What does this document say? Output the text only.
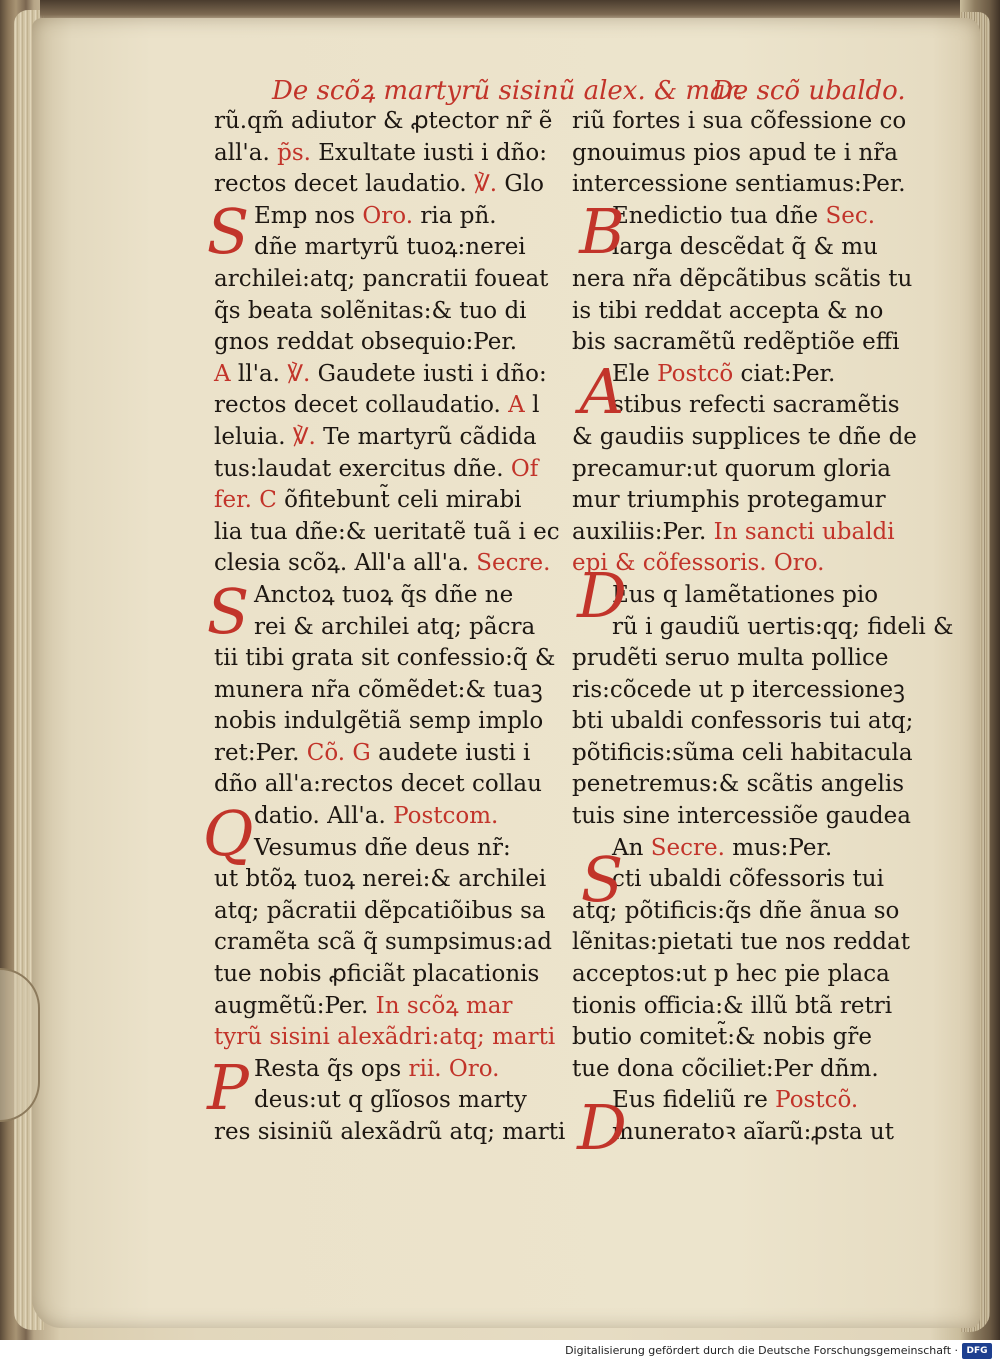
De scõꝝ martyrũ sisinũ alex. & mar.
De scõ ubaldo.
rũ.qm̃ adiutor & ꝓtector nr̃ ẽ
all'a. p̃s. Exultate iusti i dño:
rectos decet laudatio. ℣. Glo
Emp nos Oro. ria pñ.
dñe martyrũ tuoꝝ:nerei
archilei:atq; pancratii foueat
q̃s beata solẽnitas:& tuo di
gnos reddat obsequio:Per.
A ll'a. ℣. Gaudete iusti i dño:
rectos decet collaudatio. A l
leluia. ℣. Te martyrũ cãdida
tus:laudat exercitus dñe. Of
fer. C õfitebunt̃ celi mirabi
lia tua dñe:& ueritatẽ tuã i ec
clesia scõꝝ. All'a all'a. Secre.
Anctoꝝ tuoꝝ q̃s dñe ne
rei & archilei atq; pãcra
tii tibi grata sit confessio:q̃ &
munera nr̃a cõmẽdet:& tuaꝫ
nobis indulgẽtiã semp implo
ret:Per. Cõ. G audete iusti i
dño all'a:rectos decet collau
datio. All'a. Postcom.
Vesumus dñe deus nr̃:
ut btõꝝ tuoꝝ nerei:& archilei
atq; pãcratii dẽpcatiõibus sa
cramẽta scã q̃ sumpsimus:ad
tue nobis ꝓficiãt placationis
augmẽtũ:Per. In scõꝝ mar
tyrũ sisini alexãdri:atq; marti
Resta q̃s ops rii. Oro.
deus:ut q glĩosos marty
res sisiniũ alexãdrũ atq; marti
riũ fortes i sua cõfessione co
gnouimus pios apud te i nr̃a
intercessione sentiamus:Per.
Enedictio tua dñe Sec.
larga descẽdat q̃ & mu
nera nr̃a dẽpcãtibus scãtis tu
is tibi reddat accepta & no
bis sacramẽtũ redẽptiõe effi
Ele Postcõ ciat:Per.
stibus refecti sacramẽtis
& gaudiis supplices te dñe de
precamur:ut quorum gloria
mur triumphis protegamur
auxiliis:Per. In sancti ubaldi
epi & cõfessoris. Oro.
Eus q lamẽtationes pio
rũ i gaudiũ uertis:qq; fideli &
prudẽti seruo multa pollice
ris:cõcede ut p itercessioneꝫ
bti ubaldi confessoris tui atq;
põtificis:sũma celi habitacula
penetremus:& scãtis angelis
tuis sine intercessiõe gaudea
An Secre. mus:Per.
cti ubaldi cõfessoris tui
atq; põtificis:q̃s dñe ãnua so
lẽnitas:pietati tue nos reddat
acceptos:ut p hec pie placa
tionis officia:& illũ btã retri
butio comitet̃:& nobis gr̃e
tue dona cõciliet:Per dñm.
Eus fideliũ re Postcõ.
muneratoꝛ aĩarũ:ꝓsta ut
S
S
Q
P
B
A
D
S
D
Digitalisierung gefördert durch die Deutsche Forschungsgemeinschaft · DFG
